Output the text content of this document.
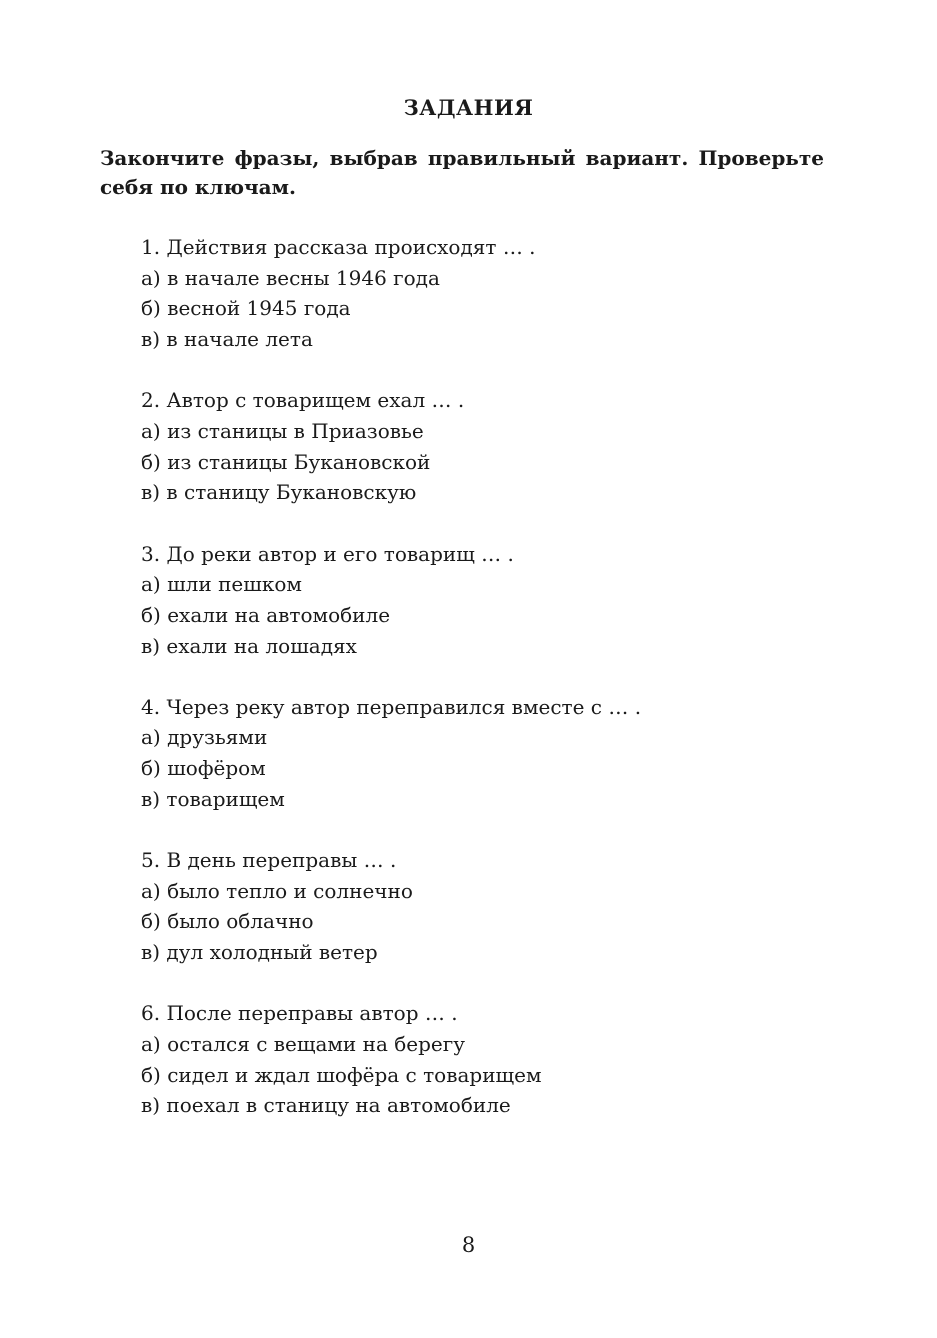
ЗАДАНИЯ
Закончите фразы, выбрав правильный вариант. Проверьте себя по ключам.
1. Действия рассказа происходят … .
а) в начале весны 1946 года
б) весной 1945 года
в) в начале лета
2. Автор с товарищем ехал … .
а) из станицы в Приазовье
б) из станицы Букановской
в) в станицу Букановскую
3. До реки автор и его товарищ … .
а) шли пешком
б) ехали на автомобиле
в) ехали на лошадях
4. Через реку автор переправился вместе с … .
а) друзьями
б) шофёром
в) товарищем
5. В день переправы … .
а) было тепло и солнечно
б) было облачно
в) дул холодный ветер
6. После переправы автор … .
а) остался с вещами на берегу
б) сидел и ждал шофёра с товарищем
в) поехал в станицу на автомобиле
8
